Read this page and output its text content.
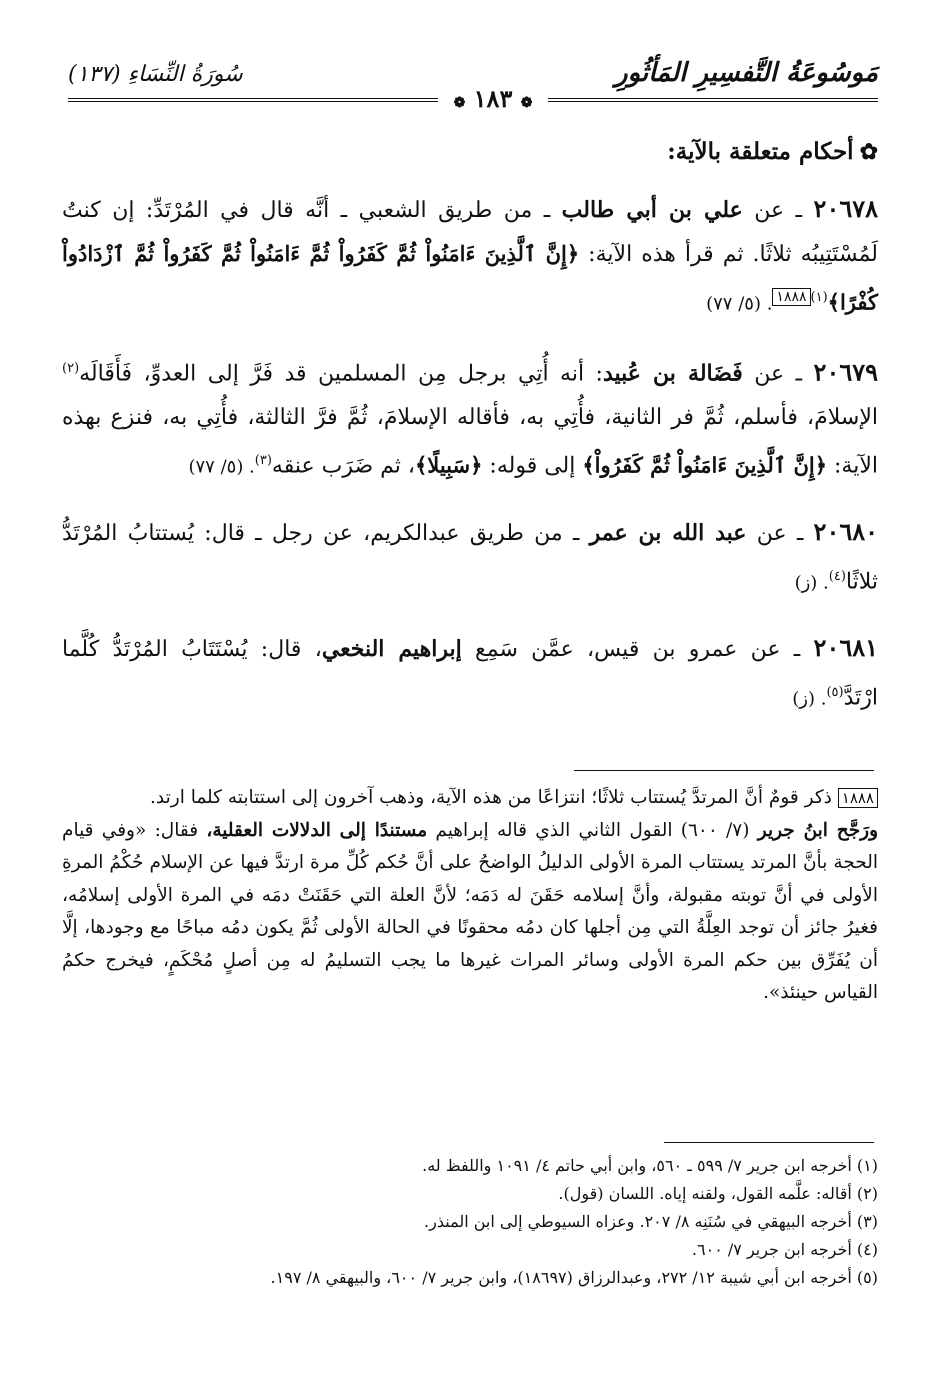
مَوسُوعَةُ التَّفسِيرِ المَأثُورِ
❁ ١٨٣ ❁
سُورَةُ النِّسَاءِ (١٣٧)
✿أحكام متعلقة بالآية:

٢٠٦٧٨ ـ عن علي بن أبي طالب ـ من طريق الشعبي ـ أنَّه قال في المُرْتَدِّ: إن كنتُ لَمُسْتَتِيبُه ثلاثًا. ثم قرأ هذه الآية: ﴿إِنَّ ٱلَّذِينَ ءَامَنُواْ ثُمَّ كَفَرُواْ ثُمَّ ءَامَنُواْ ثُمَّ كَفَرُواْ ثُمَّ ٱزْدَادُواْ كُفْرًا﴾$^{(١)١٨٨٨}$. (٥/ ٧٧)

٢٠٦٧٩ ـ عن فَضَالة بن عُبيد: أنه أُتِي برجل مِن المسلمين قد فَرَّ إلى العدوِّ، فَأَقَالَه$^{(٢)}$ الإسلامَ، فأسلم، ثُمَّ فر الثانية، فأُتِي به، فأقاله الإسلامَ، ثُمَّ فرَّ الثالثة، فأُتِي به، فنزع بهذه الآية: ﴿إِنَّ ٱلَّذِينَ ءَامَنُواْ ثُمَّ كَفَرُواْ﴾ إلى قوله: ﴿سَبِيلًا﴾، ثم ضَرَب عنقه$^{(٣)}$. (٥/ ٧٧)

٢٠٦٨٠ ـ عن عبد الله بن عمر ـ من طريق عبدالكريم، عن رجل ـ قال: يُستتابُ المُرْتَدُّ ثلاثًا$^{(٤)}$. (ز)

٢٠٦٨١ ـ عن عمرو بن قيس، عمَّن سَمِع إبراهيم النخعي، قال: يُسْتَتَابُ المُرْتَدُّ كُلَّما ارْتَدَّ$^{(٥)}$. (ز)

١٨٨٨ ذكر قومٌ أنَّ المرتدَّ يُستتاب ثلاثًا؛ انتزاعًا من هذه الآية، وذهب آخرون إلى استتابته كلما ارتد.

ورَجَّح ابنُ جرير (٧/ ٦٠٠) القول الثاني الذي قاله إبراهيم مستندًا إلى الدلالات العقلية، فقال: «وفي قيام الحجة بأنَّ المرتد يستتاب المرة الأولى الدليلُ الواضحُ على أنَّ حُكم كُلِّ مرة ارتدَّ فيها عن الإسلام حُكْمُ المرةِ الأولى في أنَّ توبته مقبولة، وأنَّ إسلامه حَقَنَ له دَمَه؛ لأنَّ العلة التي حَقَنَتْ دمَه في المرة الأولى إسلامُه، فغيرُ جائز أن توجد العِلَّةُ التي مِن أجلها كان دمُه محقونًا في الحالة الأولى ثُمَّ يكون دمُه مباحًا مع وجودها، إلَّا أن يُفَرِّق بين حكم المرة الأولى وسائر المرات غيرها ما يجب التسليمُ له مِن أصلٍ مُحْكَمٍ، فيخرج حكمُ القياس حينئذ».

(١) أخرجه ابن جرير ٧/ ٥٩٩ ـ ٥٦٠، وابن أبي حاتم ٤/ ١٠٩١ واللفظ له.
(٢) أقاله: علَّمه القول، ولقنه إياه. اللسان (قول).
(٣) أخرجه البيهقي في سُنَنِه ٨/ ٢٠٧. وعزاه السيوطي إلى ابن المنذر.
(٤) أخرجه ابن جرير ٧/ ٦٠٠.
(٥) أخرجه ابن أبي شيبة ١٢/ ٢٧٢، وعبدالرزاق (١٨٦٩٧)، وابن جرير ٧/ ٦٠٠، والبيهقي ٨/ ١٩٧.
